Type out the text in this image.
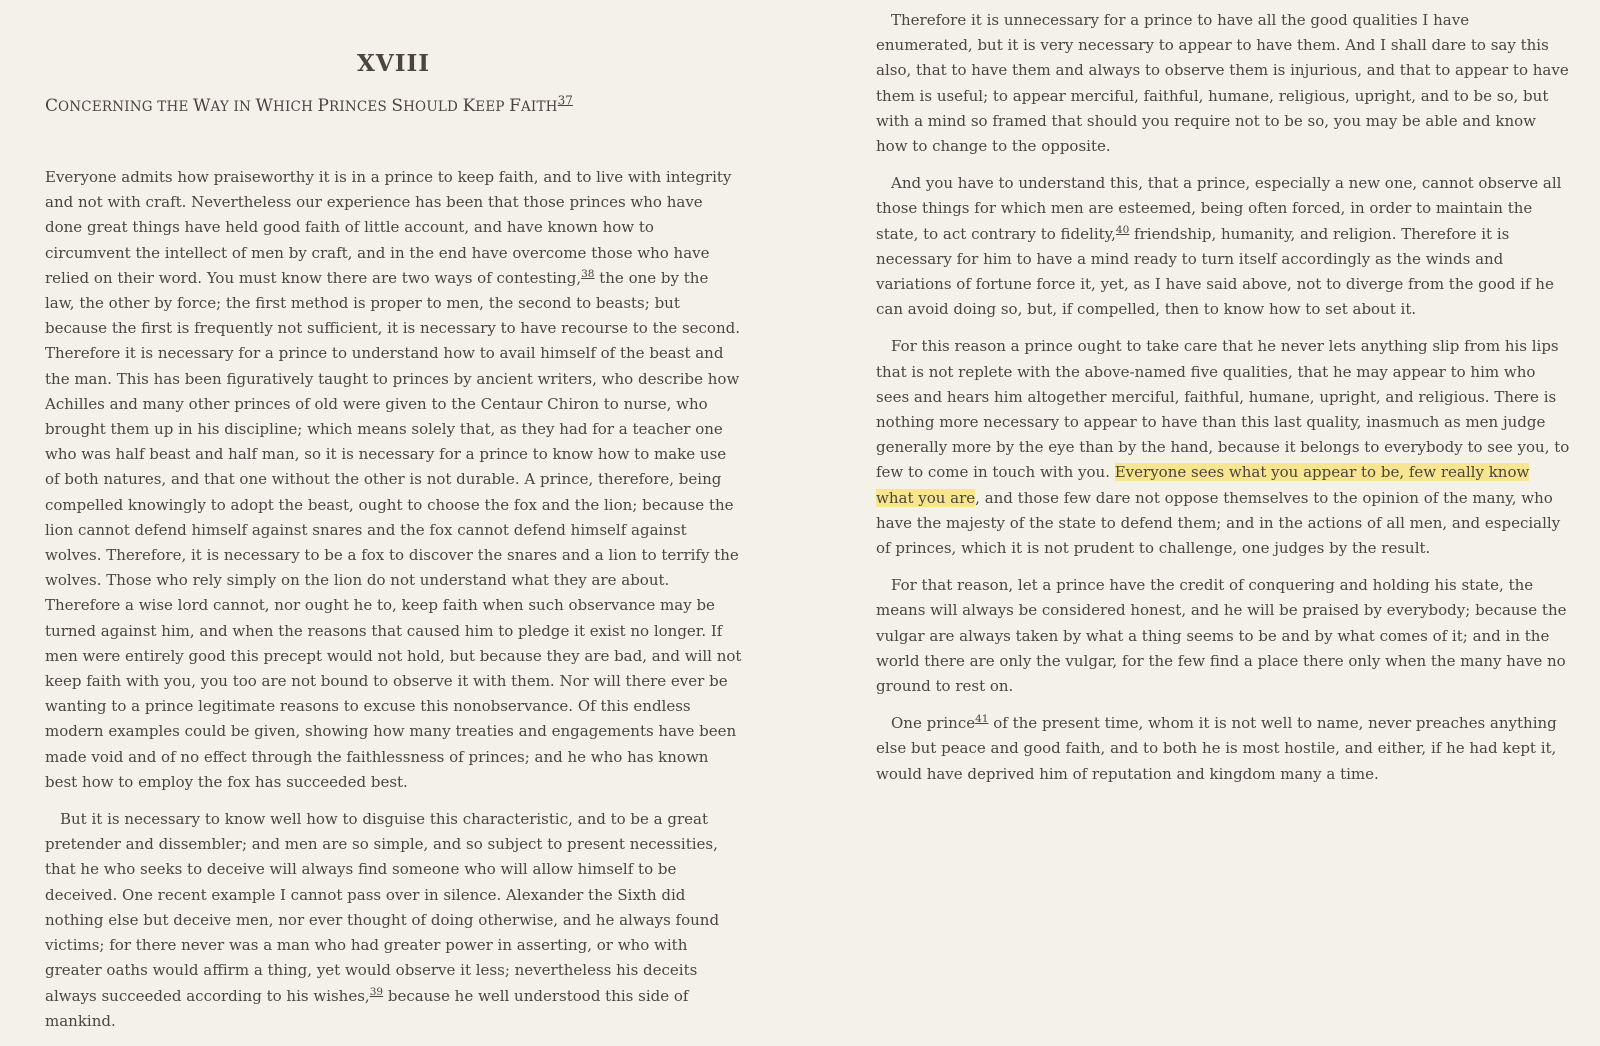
XVIII
CONCERNING THE WAY IN WHICH PRINCES SHOULD KEEP FAITH$^{37}$

Everyone admits how praiseworthy it is in a prince to keep faith, and to live with integrity and not with craft. Nevertheless our experience has been that those princes who have done great things have held good faith of little account, and have known how to circumvent the intellect of men by craft, and in the end have overcome those who have relied on their word. You must know there are two ways of contesting,$^{38}$ the one by the law, the other by force; the first method is proper to men, the second to beasts; but because the first is frequently not sufficient, it is necessary to have recourse to the second. Therefore it is necessary for a prince to understand how to avail himself of the beast and the man. This has been figuratively taught to princes by ancient writers, who describe how Achilles and many other princes of old were given to the Centaur Chiron to nurse, who brought them up in his discipline; which means solely that, as they had for a teacher one who was half beast and half man, so it is necessary for a prince to know how to make use of both natures, and that one without the other is not durable. A prince, therefore, being compelled knowingly to adopt the beast, ought to choose the fox and the lion; because the lion cannot defend himself against snares and the fox cannot defend himself against wolves. Therefore, it is necessary to be a fox to discover the snares and a lion to terrify the wolves. Those who rely simply on the lion do not understand what they are about. Therefore a wise lord cannot, nor ought he to, keep faith when such observance may be turned against him, and when the reasons that caused him to pledge it exist no longer. If men were entirely good this precept would not hold, but because they are bad, and will not keep faith with you, you too are not bound to observe it with them. Nor will there ever be wanting to a prince legitimate reasons to excuse this nonobservance. Of this endless modern examples could be given, showing how many treaties and engagements have been made void and of no effect through the faithlessness of princes; and he who has known best how to employ the fox has succeeded best.

But it is necessary to know well how to disguise this characteristic, and to be a great pretender and dissembler; and men are so simple, and so subject to present necessities, that he who seeks to deceive will always find someone who will allow himself to be deceived. One recent example I cannot pass over in silence. Alexander the Sixth did nothing else but deceive men, nor ever thought of doing otherwise, and he always found victims; for there never was a man who had greater power in asserting, or who with greater oaths would affirm a thing, yet would observe it less; nevertheless his deceits always succeeded according to his wishes,$^{39}$ because he well understood this side of mankind.

Therefore it is unnecessary for a prince to have all the good qualities I have enumerated, but it is very necessary to appear to have them. And I shall dare to say this also, that to have them and always to observe them is injurious, and that to appear to have them is useful; to appear merciful, faithful, humane, religious, upright, and to be so, but with a mind so framed that should you require not to be so, you may be able and know how to change to the opposite.

And you have to understand this, that a prince, especially a new one, cannot observe all those things for which men are esteemed, being often forced, in order to maintain the state, to act contrary to fidelity,$^{40}$ friendship, humanity, and religion. Therefore it is necessary for him to have a mind ready to turn itself accordingly as the winds and variations of fortune force it, yet, as I have said above, not to diverge from the good if he can avoid doing so, but, if compelled, then to know how to set about it.

For this reason a prince ought to take care that he never lets anything slip from his lips that is not replete with the above-named five qualities, that he may appear to him who sees and hears him altogether merciful, faithful, humane, upright, and religious. There is nothing more necessary to appear to have than this last quality, inasmuch as men judge generally more by the eye than by the hand, because it belongs to everybody to see you, to few to come in touch with you. Everyone sees what you appear to be, few really know what you are, and those few dare not oppose themselves to the opinion of the many, who have the majesty of the state to defend them; and in the actions of all men, and especially of princes, which it is not prudent to challenge, one judges by the result.

For that reason, let a prince have the credit of conquering and holding his state, the means will always be considered honest, and he will be praised by everybody; because the vulgar are always taken by what a thing seems to be and by what comes of it; and in the world there are only the vulgar, for the few find a place there only when the many have no ground to rest on.

One prince$^{41}$ of the present time, whom it is not well to name, never preaches anything else but peace and good faith, and to both he is most hostile, and either, if he had kept it, would have deprived him of reputation and kingdom many a time.
